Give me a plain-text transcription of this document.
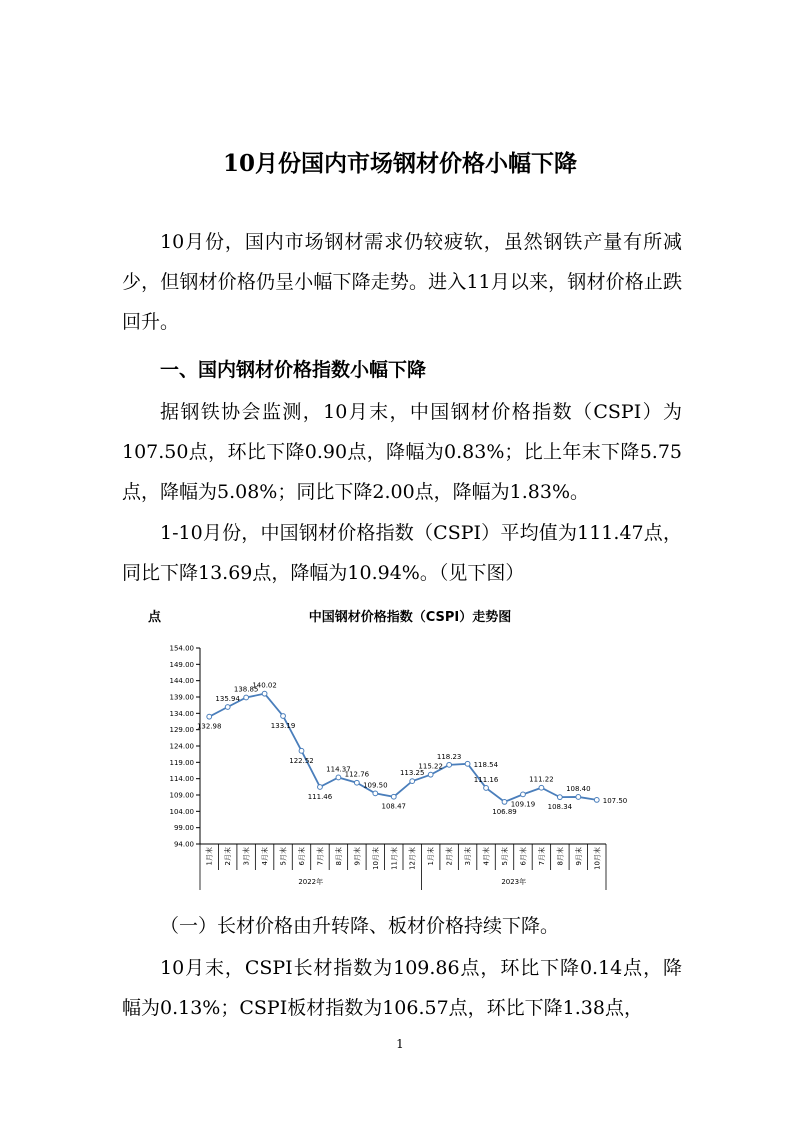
10月份国内市场钢材价格小幅下降

10月份，国内市场钢材需求仍较疲软，虽然钢铁产量有所减少，但钢材价格仍呈小幅下降走势。进入11月以来，钢材价格止跌回升。

一、国内钢材价格指数小幅下降

据钢铁协会监测，10月末，中国钢材价格指数（CSPI）为107.50点，环比下降0.90点，降幅为0.83%；比上年末下降5.75点，降幅为5.08%；同比下降2.00点，降幅为1.83%。

1-10月份，中国钢材价格指数（CSPI）平均值为111.47点，同比下降13.69点，降幅为10.94%。（见下图）

点	中国钢材价格指数（CSPI）走势图
154.00
149.00
144.00
139.00
134.00
129.00
124.00
119.00
114.00
109.00
104.00
99.00
94.00
1月末 2月末 3月末 4月末 5月末 6月末 7月末 8月末 9月末 10月末 11月末 12月末 1月末 2月末 3月末 4月末 5月末 6月末 7月末 8月末 9月末 10月末
2022年	2023年
132.98
135.94
138.85
140.02
133.19
122.52
111.46
114.37
112.76
109.50
108.47
113.25
115.22
118.23
118.54
111.16
106.89
109.19
111.22
108.34
108.40
107.50

（一）长材价格由升转降、板材价格持续下降。

10月末，CSPI长材指数为109.86点，环比下降0.14点，降幅为0.13%；CSPI板材指数为106.57点，环比下降1.38点，

1
